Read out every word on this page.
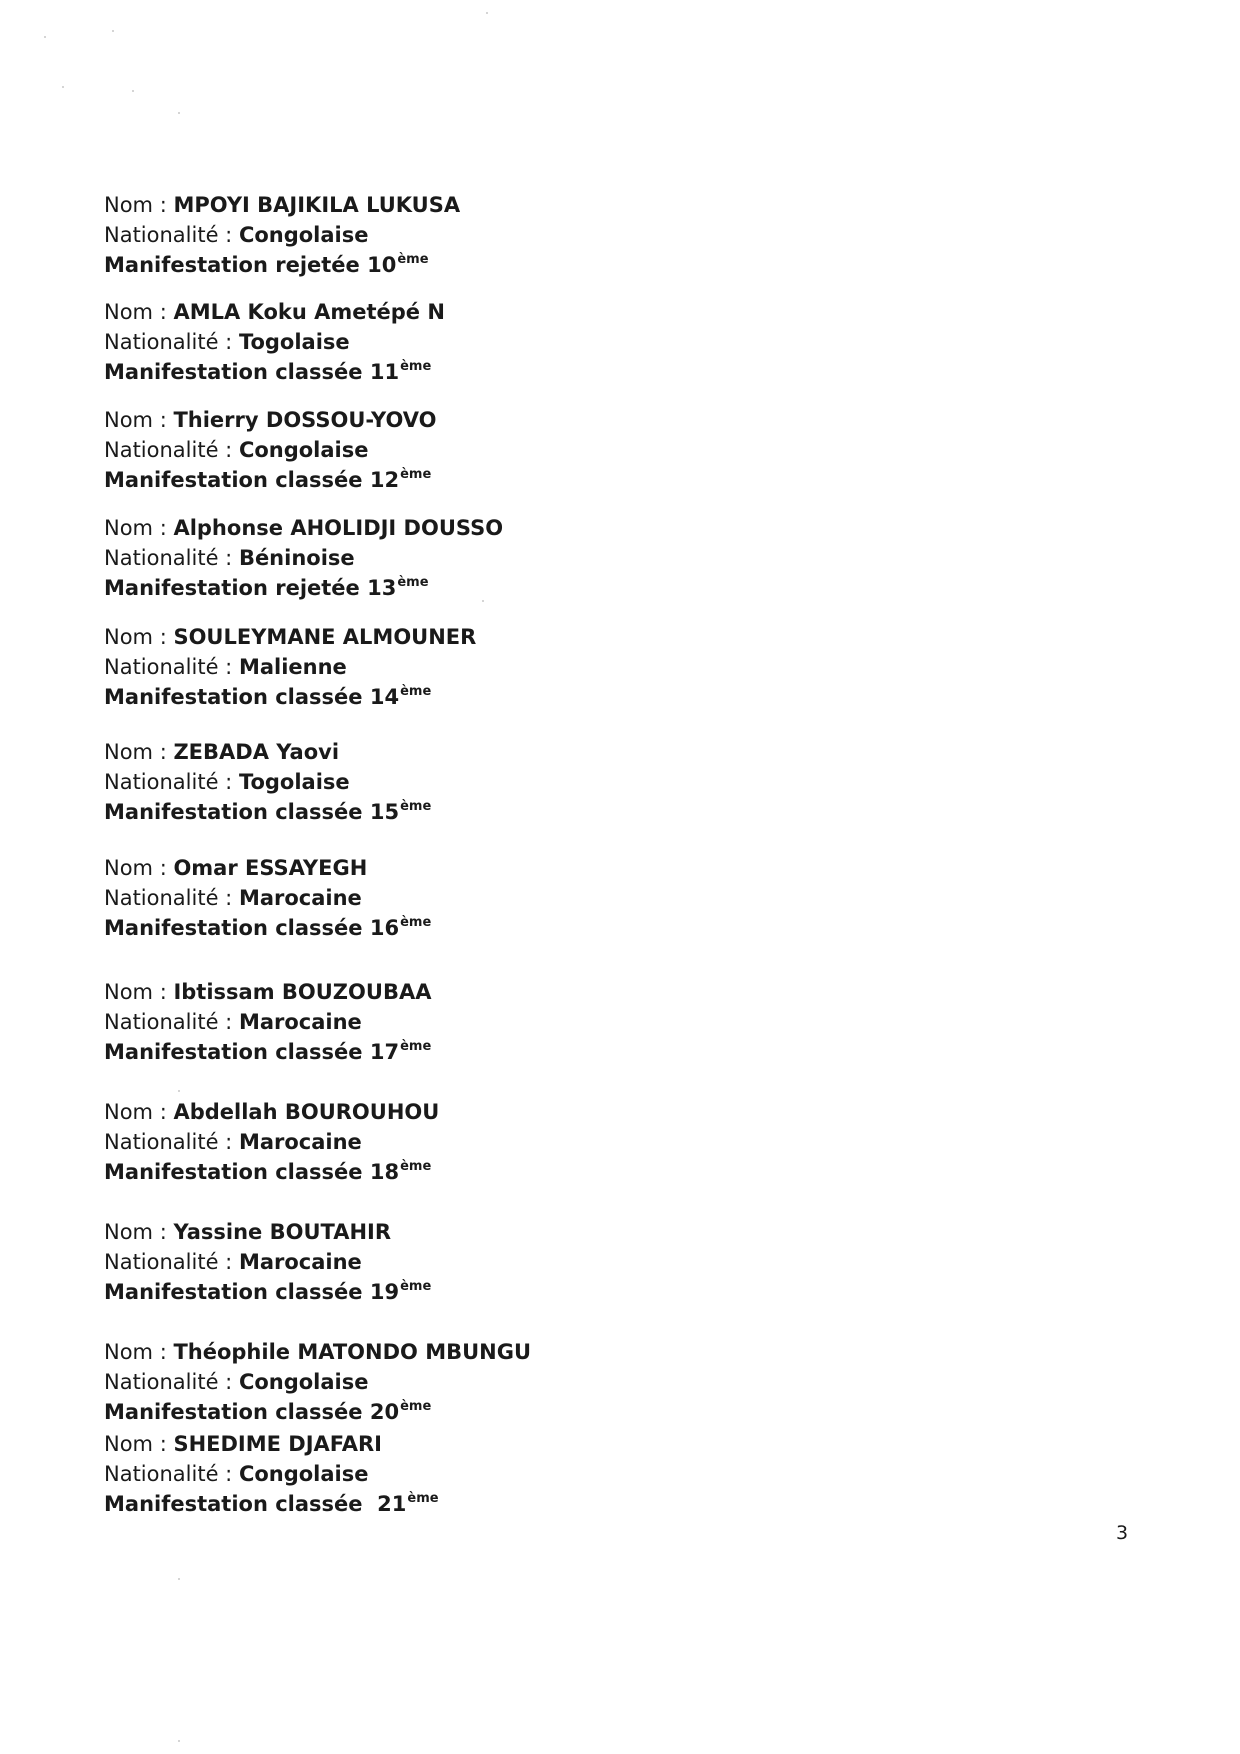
Nom : MPOYI BAJIKILA LUKUSA
Nationalité : Congolaise
Manifestation rejetée 10ème
Nom : AMLA Koku Ametépé N
Nationalité : Togolaise
Manifestation classée 11ème
Nom : Thierry DOSSOU-YOVO
Nationalité : Congolaise
Manifestation classée 12ème
Nom : Alphonse AHOLIDJI DOUSSO
Nationalité : Béninoise
Manifestation rejetée 13ème
Nom : SOULEYMANE ALMOUNER
Nationalité : Malienne
Manifestation classée 14ème
Nom : ZEBADA Yaovi
Nationalité : Togolaise
Manifestation classée 15ème
Nom : Omar ESSAYEGH
Nationalité : Marocaine
Manifestation classée 16ème
Nom : Ibtissam BOUZOUBAA
Nationalité : Marocaine
Manifestation classée 17ème
Nom : Abdellah BOUROUHOU
Nationalité : Marocaine
Manifestation classée 18ème
Nom : Yassine BOUTAHIR
Nationalité : Marocaine
Manifestation classée 19ème
Nom : Théophile MATONDO MBUNGU
Nationalité : Congolaise
Manifestation classée 20ème
Nom : SHEDIME DJAFARI
Nationalité : Congolaise
Manifestation classée 21ème
3
